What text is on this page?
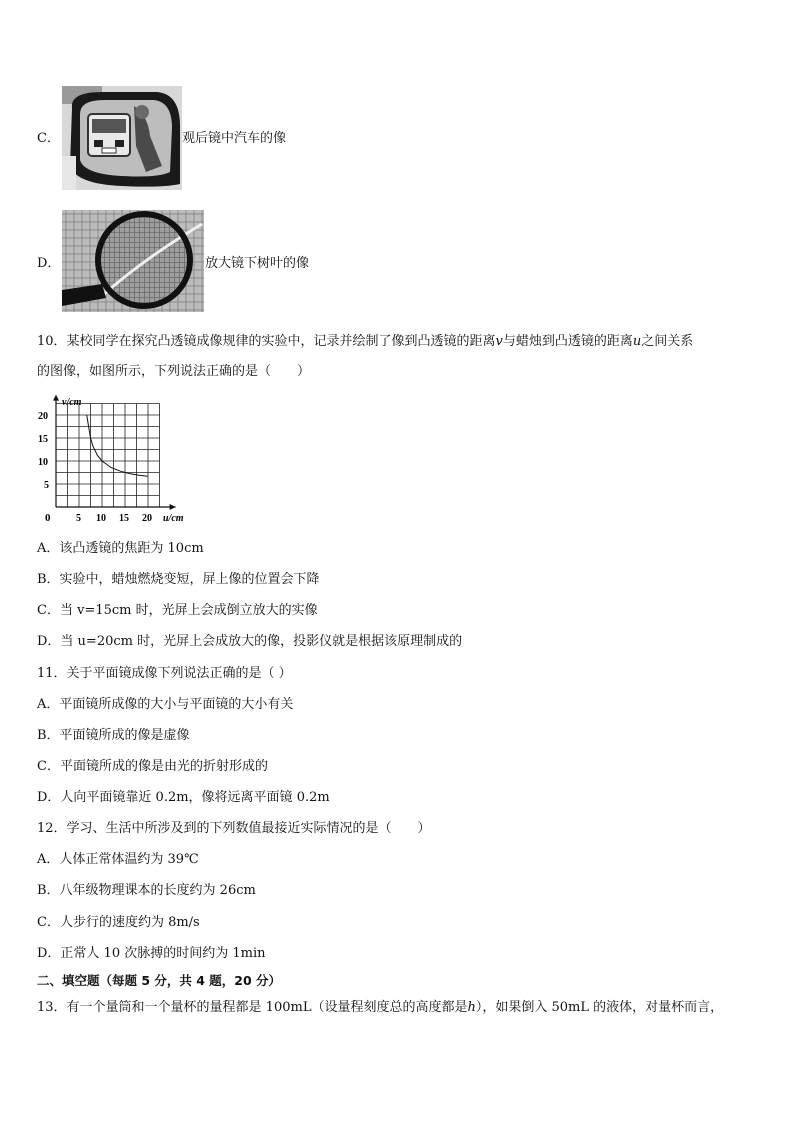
C．	观后镜中汽车的像
D．	放大镜下树叶的像
10．某校同学在探究凸透镜成像规律的实验中，记录并绘制了像到凸透镜的距离v与蜡烛到凸透镜的距离u之间关系
的图像，如图所示，下列说法正确的是（　　）
5 10 15 20
5
10
15
20
v/cm
u/cm
0
A．该凸透镜的焦距为 10cm
B．实验中，蜡烛燃烧变短，屏上像的位置会下降
C．当 v=15cm 时，光屏上会成倒立放大的实像
D．当 u=20cm 时，光屏上会成放大的像，投影仪就是根据该原理制成的
11．关于平面镜成像下列说法正确的是（ ）
A．平面镜所成像的大小与平面镜的大小有关
B．平面镜所成的像是虚像
C．平面镜所成的像是由光的折射形成的
D．人向平面镜靠近 0.2m，像将远离平面镜 0.2m
12．学习、生活中所涉及到的下列数值最接近实际情况的是（　　）
A．人体正常体温约为 39℃
B．八年级物理课本的长度约为 26cm
C．人步行的速度约为 8m/s
D．正常人 10 次脉搏的时间约为 1min
二、填空题（每题 5 分，共 4 题，20 分）
13．有一个量筒和一个量杯的量程都是 100mL（设量程刻度总的高度都是h），如果倒入 50mL 的液体，对量杯而言，
